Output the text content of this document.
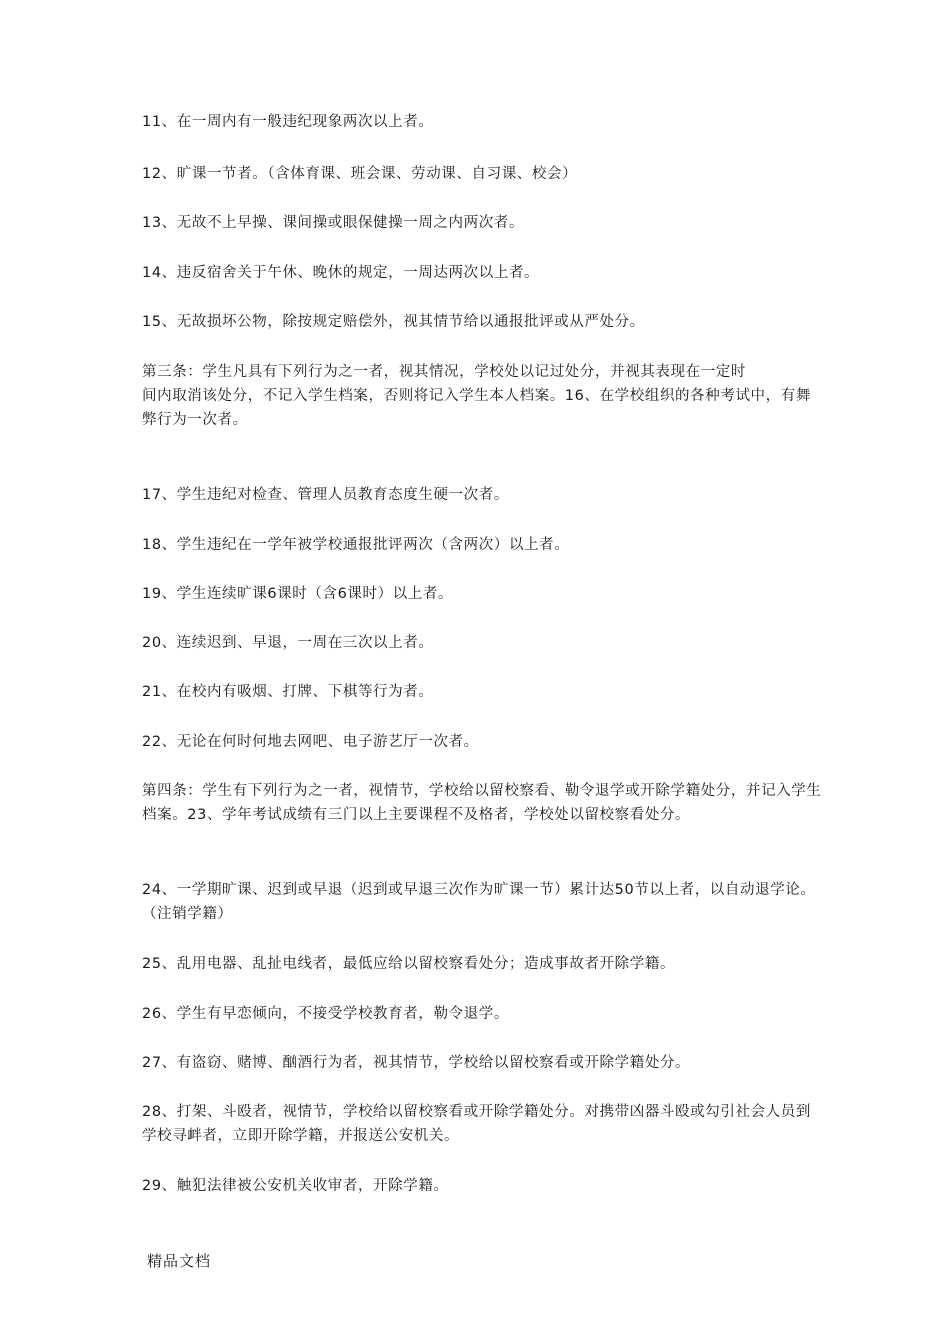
11、在一周内有一般违纪现象两次以上者。

12、旷课一节者。（含体育课、班会课、劳动课、自习课、校会）

13、无故不上早操、课间操或眼保健操一周之内两次者。

14、违反宿舍关于午休、晚休的规定，一周达两次以上者。

15、无故损坏公物，除按规定赔偿外，视其情节给以通报批评或从严处分。

第三条：学生凡具有下列行为之一者，视其情况，学校处以记过处分，并视其表现在一定时
间内取消该处分，不记入学生档案，否则将记入学生本人档案。16、在学校组织的各种考试中，有舞弊行为一次者。

17、学生违纪对检查、管理人员教育态度生硬一次者。

18、学生违纪在一学年被学校通报批评两次（含两次）以上者。

19、学生连续旷课6课时（含6课时）以上者。

20、连续迟到、早退，一周在三次以上者。

21、在校内有吸烟、打牌、下棋等行为者。

22、无论在何时何地去网吧、电子游艺厅一次者。

第四条：学生有下列行为之一者，视情节，学校给以留校察看、勒令退学或开除学籍处分，并记入学生档案。23、学年考试成绩有三门以上主要课程不及格者，学校处以留校察看处分。

24、一学期旷课、迟到或早退（迟到或早退三次作为旷课一节）累计达50节以上者，以自动退学论。（注销学籍）

25、乱用电器、乱扯电线者，最低应给以留校察看处分；造成事故者开除学籍。

26、学生有早恋倾向，不接受学校教育者，勒令退学。

27、有盗窃、赌博、酗酒行为者，视其情节，学校给以留校察看或开除学籍处分。

28、打架、斗殴者，视情节，学校给以留校察看或开除学籍处分。对携带凶器斗殴或勾引社会人员到学校寻衅者，立即开除学籍，并报送公安机关。

29、触犯法律被公安机关收审者，开除学籍。

精品文档
